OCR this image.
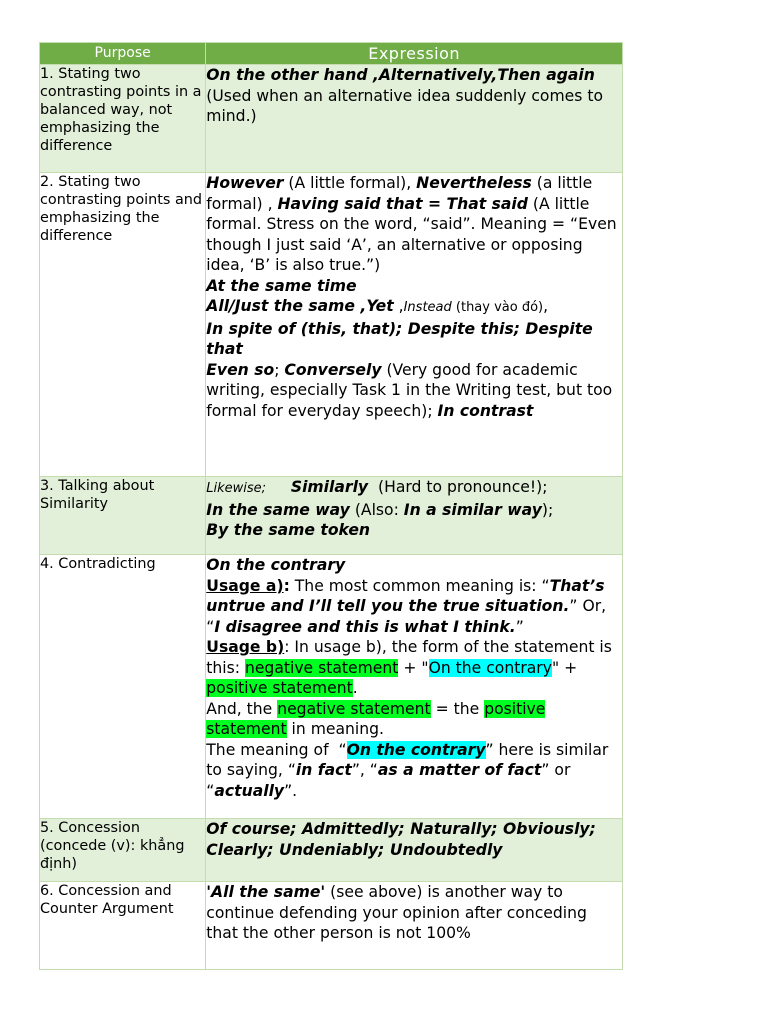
Purpose	Expression
1. Stating two contrasting points in a balanced way, not emphasizing the difference	On the other hand ,Alternatively,Then again (Used when an alternative idea suddenly comes to mind.)
2. Stating two contrasting points and emphasizing the difference	However (A little formal), Nevertheless (a little formal) , Having said that = That said (A little formal. Stress on the word, “said”. Meaning = “Even though I just said ‘A’, an alternative or opposing idea, ‘B’ is also true.”)
At the same time
All/Just the same ,Yet ,Instead (thay vào đó),
In spite of (this, that); Despite this; Despite that
Even so; Conversely (Very good for academic writing, especially Task 1 in the Writing test, but too formal for everyday speech); In contrast
3. Talking about Similarity	Likewise; Similarly  (Hard to pronounce!);
In the same way (Also: In a similar way);
By the same token
4. Contradicting	On the contrary
Usage a): The most common meaning is: “That’s untrue and I’ll tell you the true situation.” Or, “I disagree and this is what I think.”
Usage b): In usage b), the form of the statement is this: negative statement + "On the contrary" + positive statement.
And, the negative statement = the positive statement in meaning.
The meaning of  “On the contrary” here is similar to saying, “in fact”, “as a matter of fact” or “actually”.
5. Concession (concede (v): khẳng định)	Of course; Admittedly; Naturally; Obviously; Clearly; Undeniably; Undoubtedly
6. Concession and Counter Argument	'All the same' (see above) is another way to continue defending your opinion after conceding that the other person is not 100%
